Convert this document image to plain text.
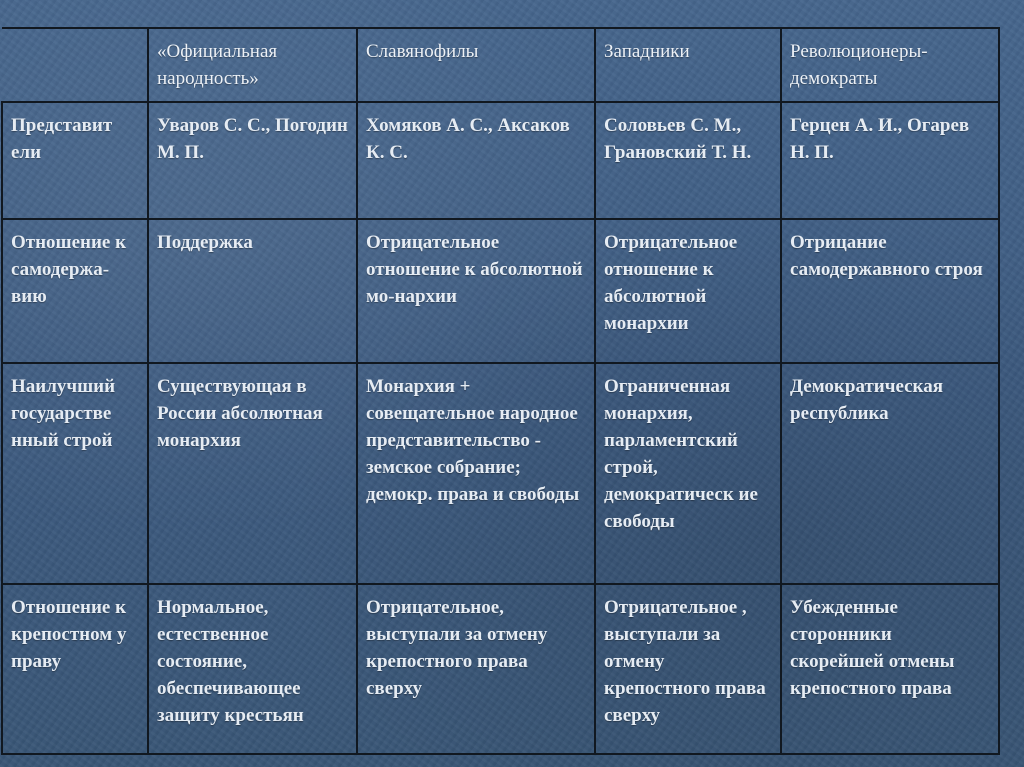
	«Официальная народность»	Славянофилы	Западники	Революционеры-демократы
Представит ели	Уваров С. С., Погодин М. П.	Хомяков А. С., Аксаков К. С.	Соловьев С. М., Грановский Т. Н.	Герцен А. И., Огарев Н. П.
Отношение к самодержа-вию	Поддержка	Отрицательное отношение к абсолютной мо-нархии	Отрицательное отношение к абсолютной монархии	Отрицание самодержавного строя
Наилучший государстве нный строй	Существующая в России абсолютная монархия	Монархия + совещательное народное представительство - земское собрание; демокр. права и свободы	Ограниченная монархия, парламентский строй, демократическ ие свободы	Демократическая республика
Отношение к крепостном у праву	Нормальное, естественное состояние, обеспечивающее защиту крестьян	Отрицательное, выступали за отмену крепостного права сверху	Отрицательное , выступали за отмену крепостного права сверху	Убежденные сторонники скорейшей отмены крепостного права
